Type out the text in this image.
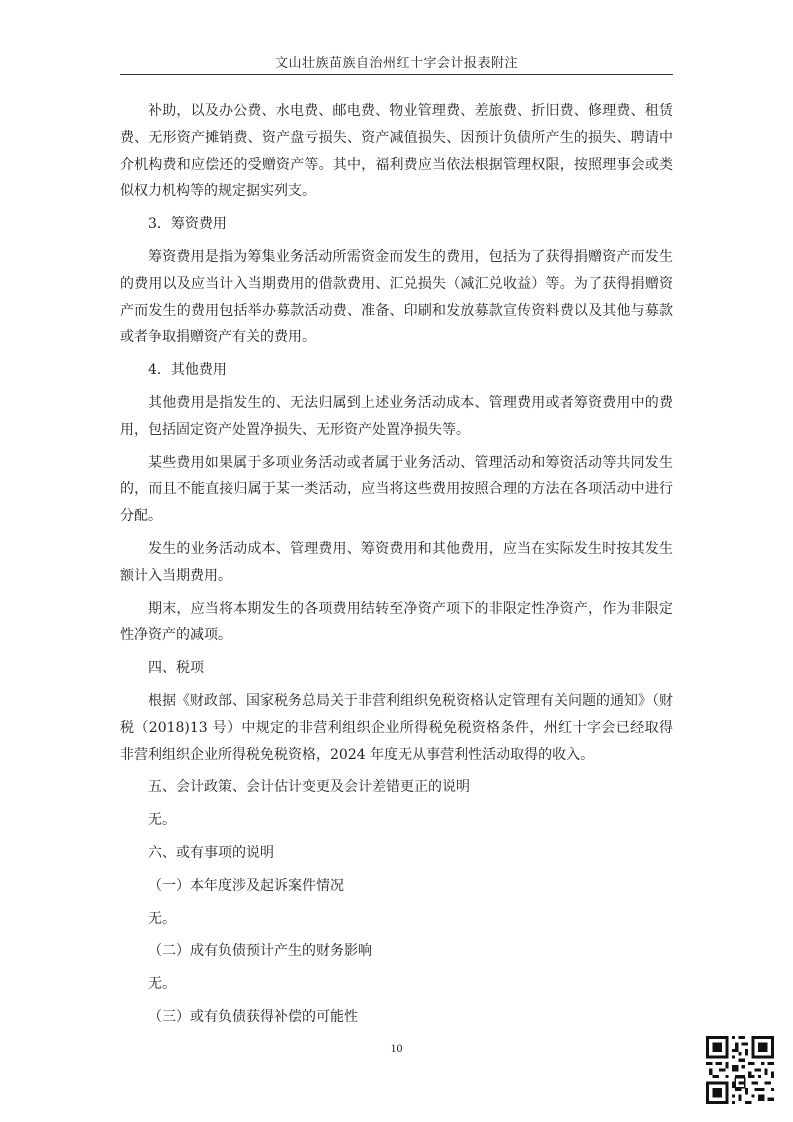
文山壮族苗族自治州红十字会计报表附注

补助，以及办公费、水电费、邮电费、物业管理费、差旅费、折旧费、修理费、租赁费、无形资产摊销费、资产盘亏损失、资产减值损失、因预计负债所产生的损失、聘请中介机构费和应偿还的受赠资产等。其中，福利费应当依法根据管理权限，按照理事会或类似权力机构等的规定据实列支。

3．筹资费用

筹资费用是指为筹集业务活动所需资金而发生的费用，包括为了获得捐赠资产而发生的费用以及应当计入当期费用的借款费用、汇兑损失（减汇兑收益）等。为了获得捐赠资产而发生的费用包括举办募款活动费、准备、印刷和发放募款宣传资料费以及其他与募款或者争取捐赠资产有关的费用。

4．其他费用

其他费用是指发生的、无法归属到上述业务活动成本、管理费用或者筹资费用中的费用，包括固定资产处置净损失、无形资产处置净损失等。

某些费用如果属于多项业务活动或者属于业务活动、管理活动和筹资活动等共同发生的，而且不能直接归属于某一类活动，应当将这些费用按照合理的方法在各项活动中进行分配。

发生的业务活动成本、管理费用、筹资费用和其他费用，应当在实际发生时按其发生额计入当期费用。

期末，应当将本期发生的各项费用结转至净资产项下的非限定性净资产，作为非限定性净资产的减项。

四、税项

根据《财政部、国家税务总局关于非营利组织免税资格认定管理有关问题的通知》（财税（2018)13 号）中规定的非营利组织企业所得税免税资格条件，州红十字会已经取得非营利组织企业所得税免税资格，2024 年度无从事营利性活动取得的收入。

五、会计政策、会计估计变更及会计差错更正的说明

无。

六、或有事项的说明

（一）本年度涉及起诉案件情况

无。

（二）成有负债预计产生的财务影响

无。

（三）或有负债获得补偿的可能性

10
